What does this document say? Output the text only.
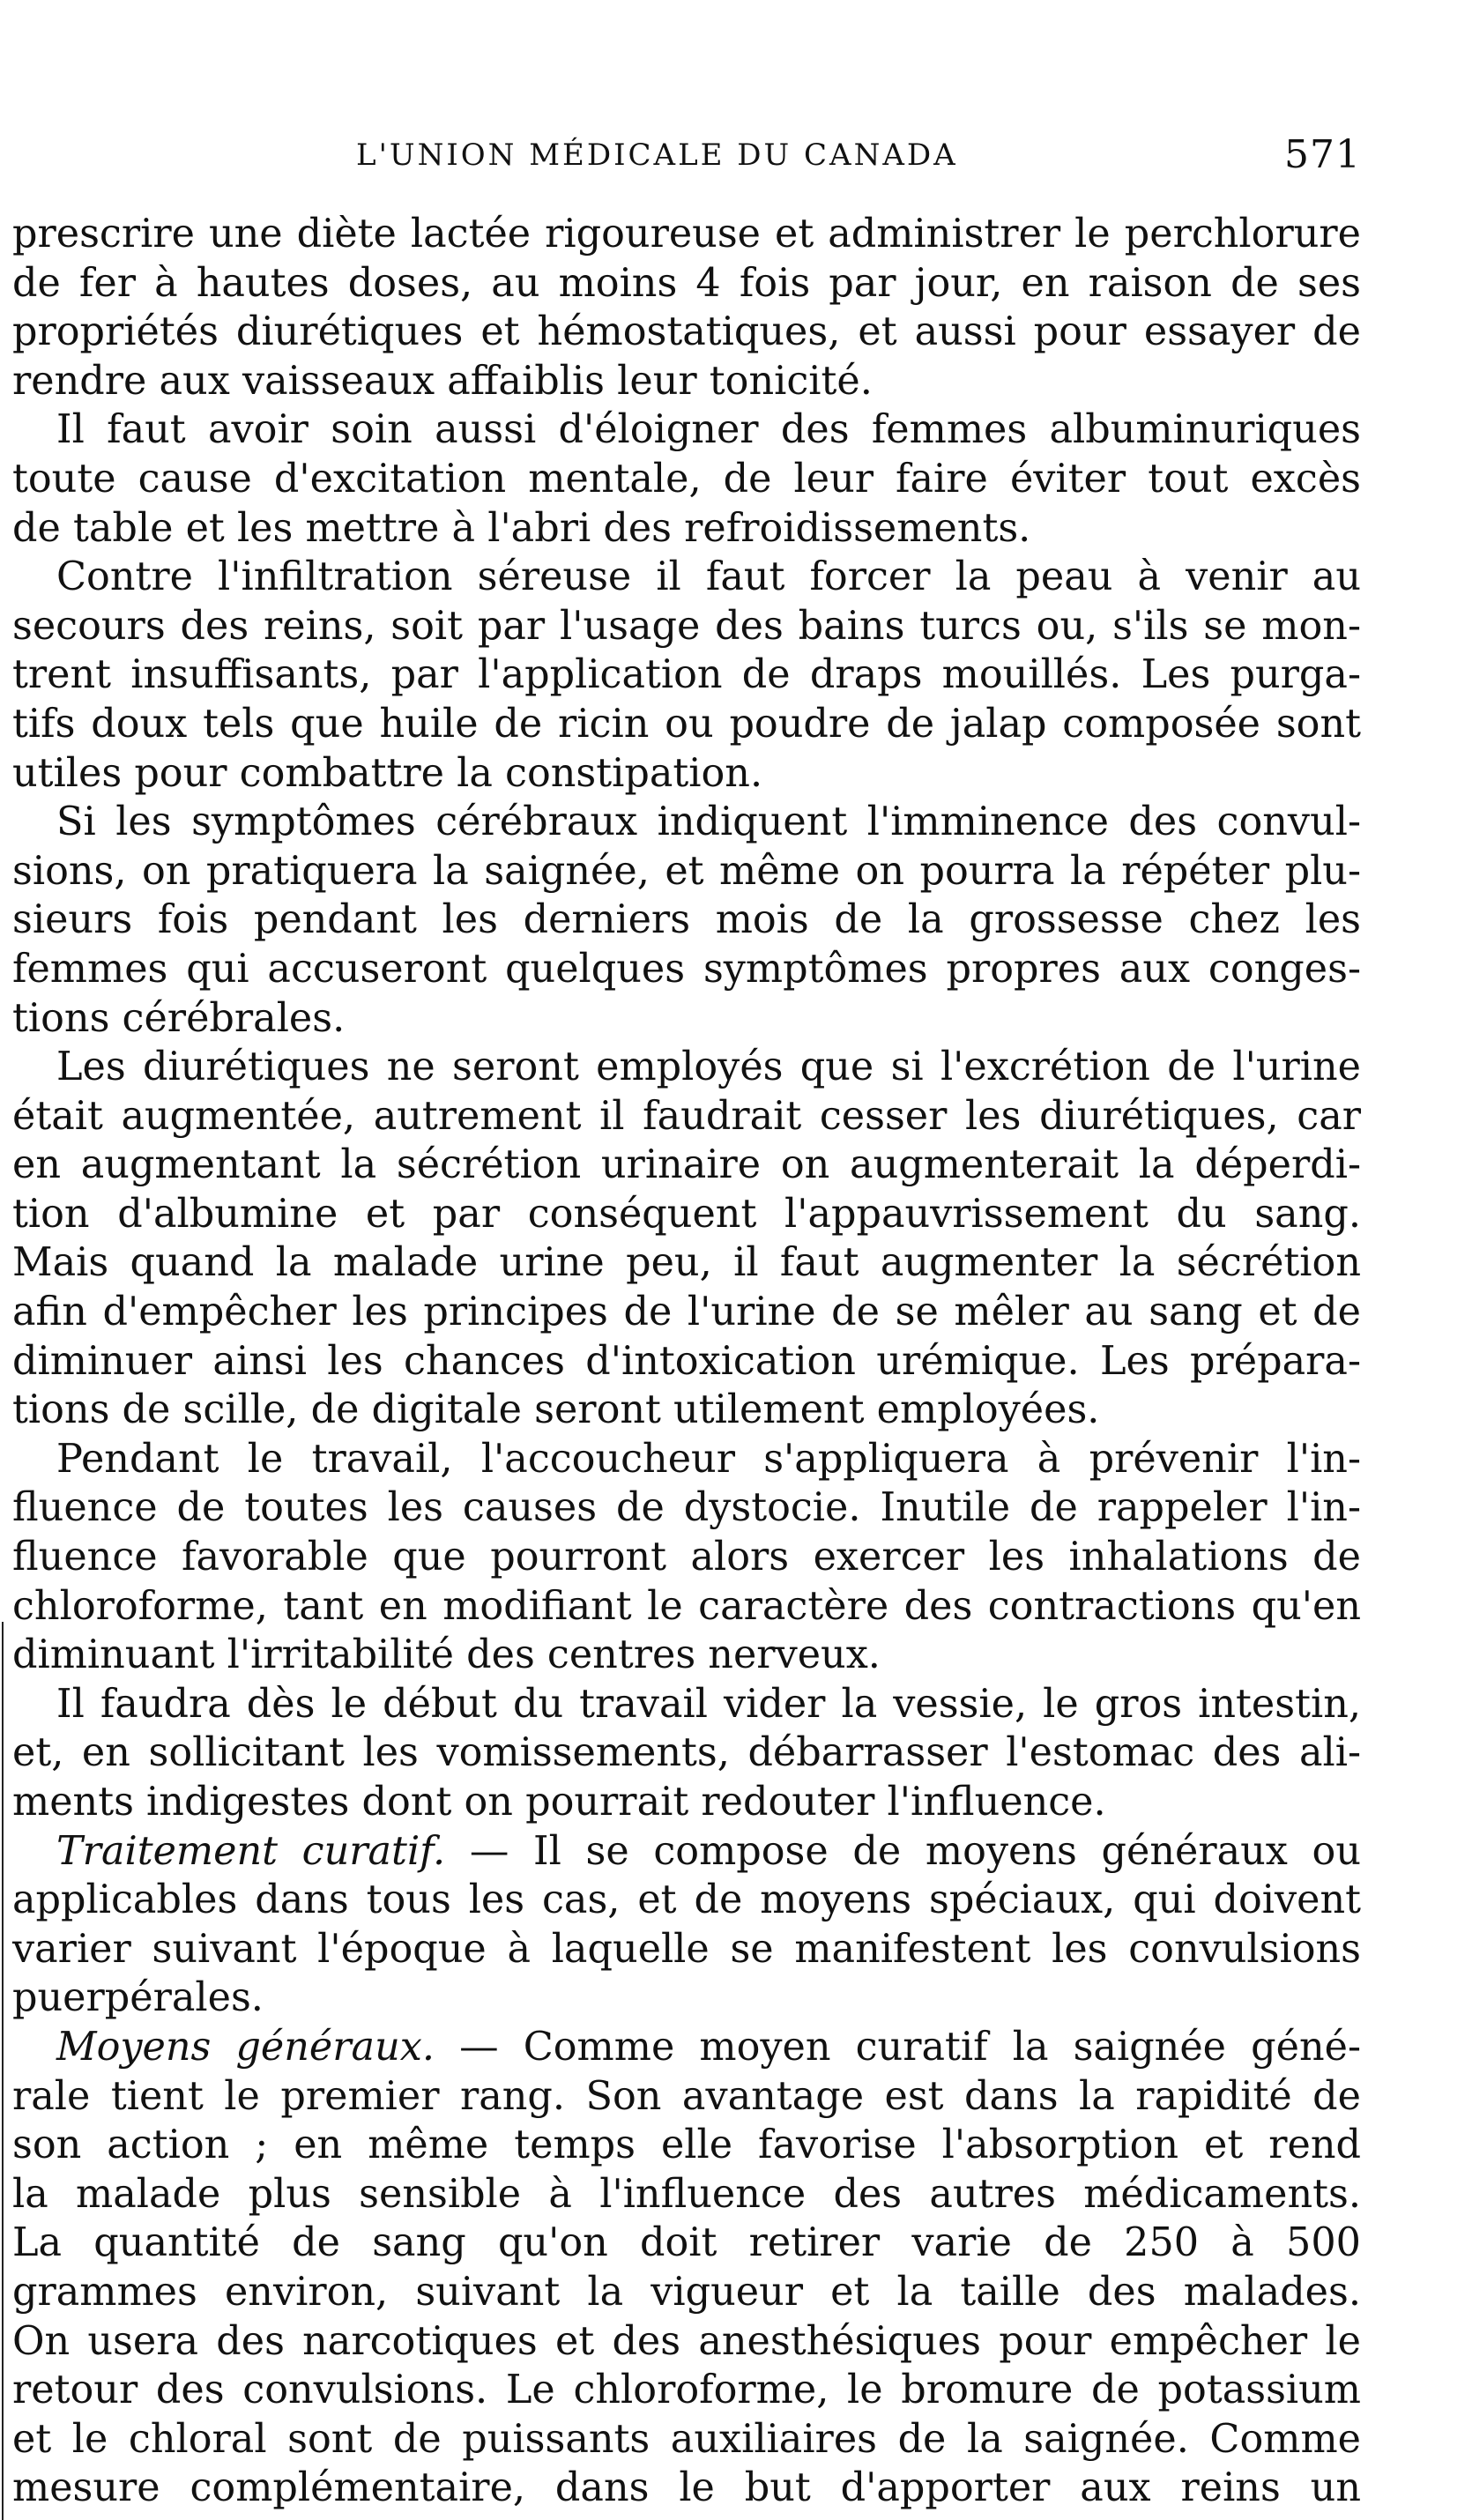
L'UNION MÉDICALE DU CANADA	571
prescrire une diète lactée rigoureuse et administrer le perchlorure
de fer à hautes doses, au moins 4 fois par jour, en raison de ses
propriétés diurétiques et hémostatiques, et aussi pour essayer de
rendre aux vaisseaux affaiblis leur tonicité.
Il faut avoir soin aussi d'éloigner des femmes albuminuriques
toute cause d'excitation mentale, de leur faire éviter tout excès
de table et les mettre à l'abri des refroidissements.
Contre l'infiltration séreuse il faut forcer la peau à venir au
secours des reins, soit par l'usage des bains turcs ou, s'ils se mon-
trent insuffisants, par l'application de draps mouillés. Les purga-
tifs doux tels que huile de ricin ou poudre de jalap composée sont
utiles pour combattre la constipation.
Si les symptômes cérébraux indiquent l'imminence des convul-
sions, on pratiquera la saignée, et même on pourra la répéter plu-
sieurs fois pendant les derniers mois de la grossesse chez les
femmes qui accuseront quelques symptômes propres aux conges-
tions cérébrales.
Les diurétiques ne seront employés que si l'excrétion de l'urine
était augmentée, autrement il faudrait cesser les diurétiques, car
en augmentant la sécrétion urinaire on augmenterait la déperdi-
tion d'albumine et par conséquent l'appauvrissement du sang.
Mais quand la malade urine peu, il faut augmenter la sécrétion
afin d'empêcher les principes de l'urine de se mêler au sang et de
diminuer ainsi les chances d'intoxication urémique. Les prépara-
tions de scille, de digitale seront utilement employées.
Pendant le travail, l'accoucheur s'appliquera à prévenir l'in-
fluence de toutes les causes de dystocie. Inutile de rappeler l'in-
fluence favorable que pourront alors exercer les inhalations de
chloroforme, tant en modifiant le caractère des contractions qu'en
diminuant l'irritabilité des centres nerveux.
Il faudra dès le début du travail vider la vessie, le gros intestin,
et, en sollicitant les vomissements, débarrasser l'estomac des ali-
ments indigestes dont on pourrait redouter l'influence.
Traitement curatif. — Il se compose de moyens généraux ou
applicables dans tous les cas, et de moyens spéciaux, qui doivent
varier suivant l'époque à laquelle se manifestent les convulsions
puerpérales.
Moyens généraux. — Comme moyen curatif la saignée géné-
rale tient le premier rang. Son avantage est dans la rapidité de
son action ; en même temps elle favorise l'absorption et rend
la malade plus sensible à l'influence des autres médicaments.
La quantité de sang qu'on doit retirer varie de 250 à 500
grammes environ, suivant la vigueur et la taille des malades.
On usera des narcotiques et des anesthésiques pour empêcher le
retour des convulsions. Le chloroforme, le bromure de potassium
et le chloral sont de puissants auxiliaires de la saignée. Comme
mesure complémentaire, dans le but d'apporter aux reins un
